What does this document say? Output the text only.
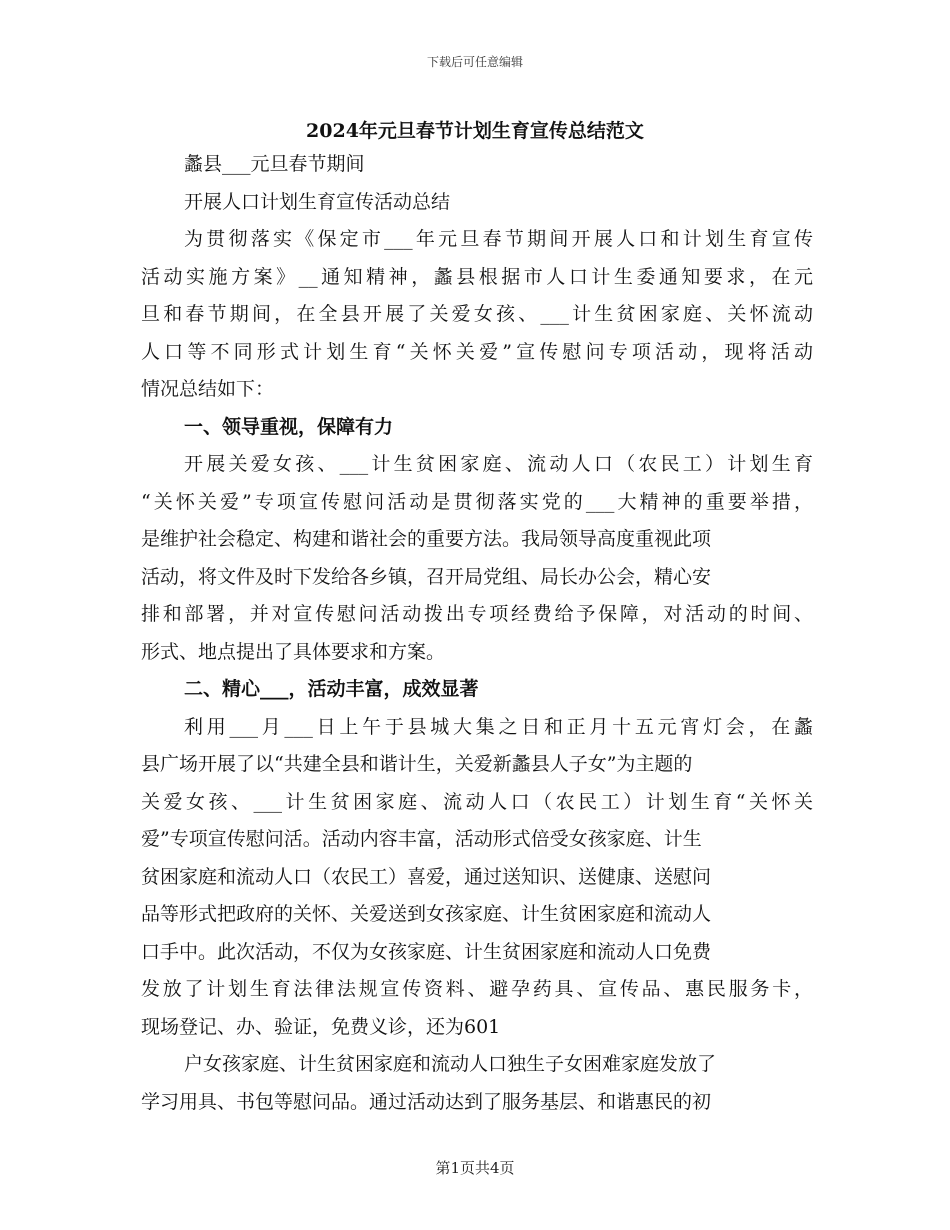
下载后可任意编辑
2024年元旦春节计划生育宣传总结范文
蠡县___元旦春节期间
开展人口计划生育宣传活动总结
为贯彻落实《保定市___年元旦春节期间开展人口和计划生育宣传
活动实施方案》__通知精神，蠡县根据市人口计生委通知要求，在元
旦和春节期间，在全县开展了关爱女孩、___计生贫困家庭、关怀流动
人口等不同形式计划生育“关怀关爱”宣传慰问专项活动，现将活动
情况总结如下：
一、领导重视，保障有力
开展关爱女孩、___计生贫困家庭、流动人口（农民工）计划生育
“关怀关爱”专项宣传慰问活动是贯彻落实党的___大精神的重要举措，
是维护社会稳定、构建和谐社会的重要方法。我局领导高度重视此项
活动，将文件及时下发给各乡镇，召开局党组、局长办公会，精心安
排和部署，并对宣传慰问活动拨出专项经费给予保障，对活动的时间、
形式、地点提出了具体要求和方案。
二、精心___，活动丰富，成效显著
利用___月___日上午于县城大集之日和正月十五元宵灯会，在蠡
县广场开展了以“共建全县和谐计生，关爱新蠡县人子女”为主题的
关爱女孩、___计生贫困家庭、流动人口（农民工）计划生育“关怀关
爱”专项宣传慰问活。活动内容丰富，活动形式倍受女孩家庭、计生
贫困家庭和流动人口（农民工）喜爱，通过送知识、送健康、送慰问
品等形式把政府的关怀、关爱送到女孩家庭、计生贫困家庭和流动人
口手中。此次活动，不仅为女孩家庭、计生贫困家庭和流动人口免费
发放了计划生育法律法规宣传资料、避孕药具、宣传品、惠民服务卡，
现场登记、办、验证，免费义诊，还为601
户女孩家庭、计生贫困家庭和流动人口独生子女困难家庭发放了
学习用具、书包等慰问品。通过活动达到了服务基层、和谐惠民的初
第1页共4页
